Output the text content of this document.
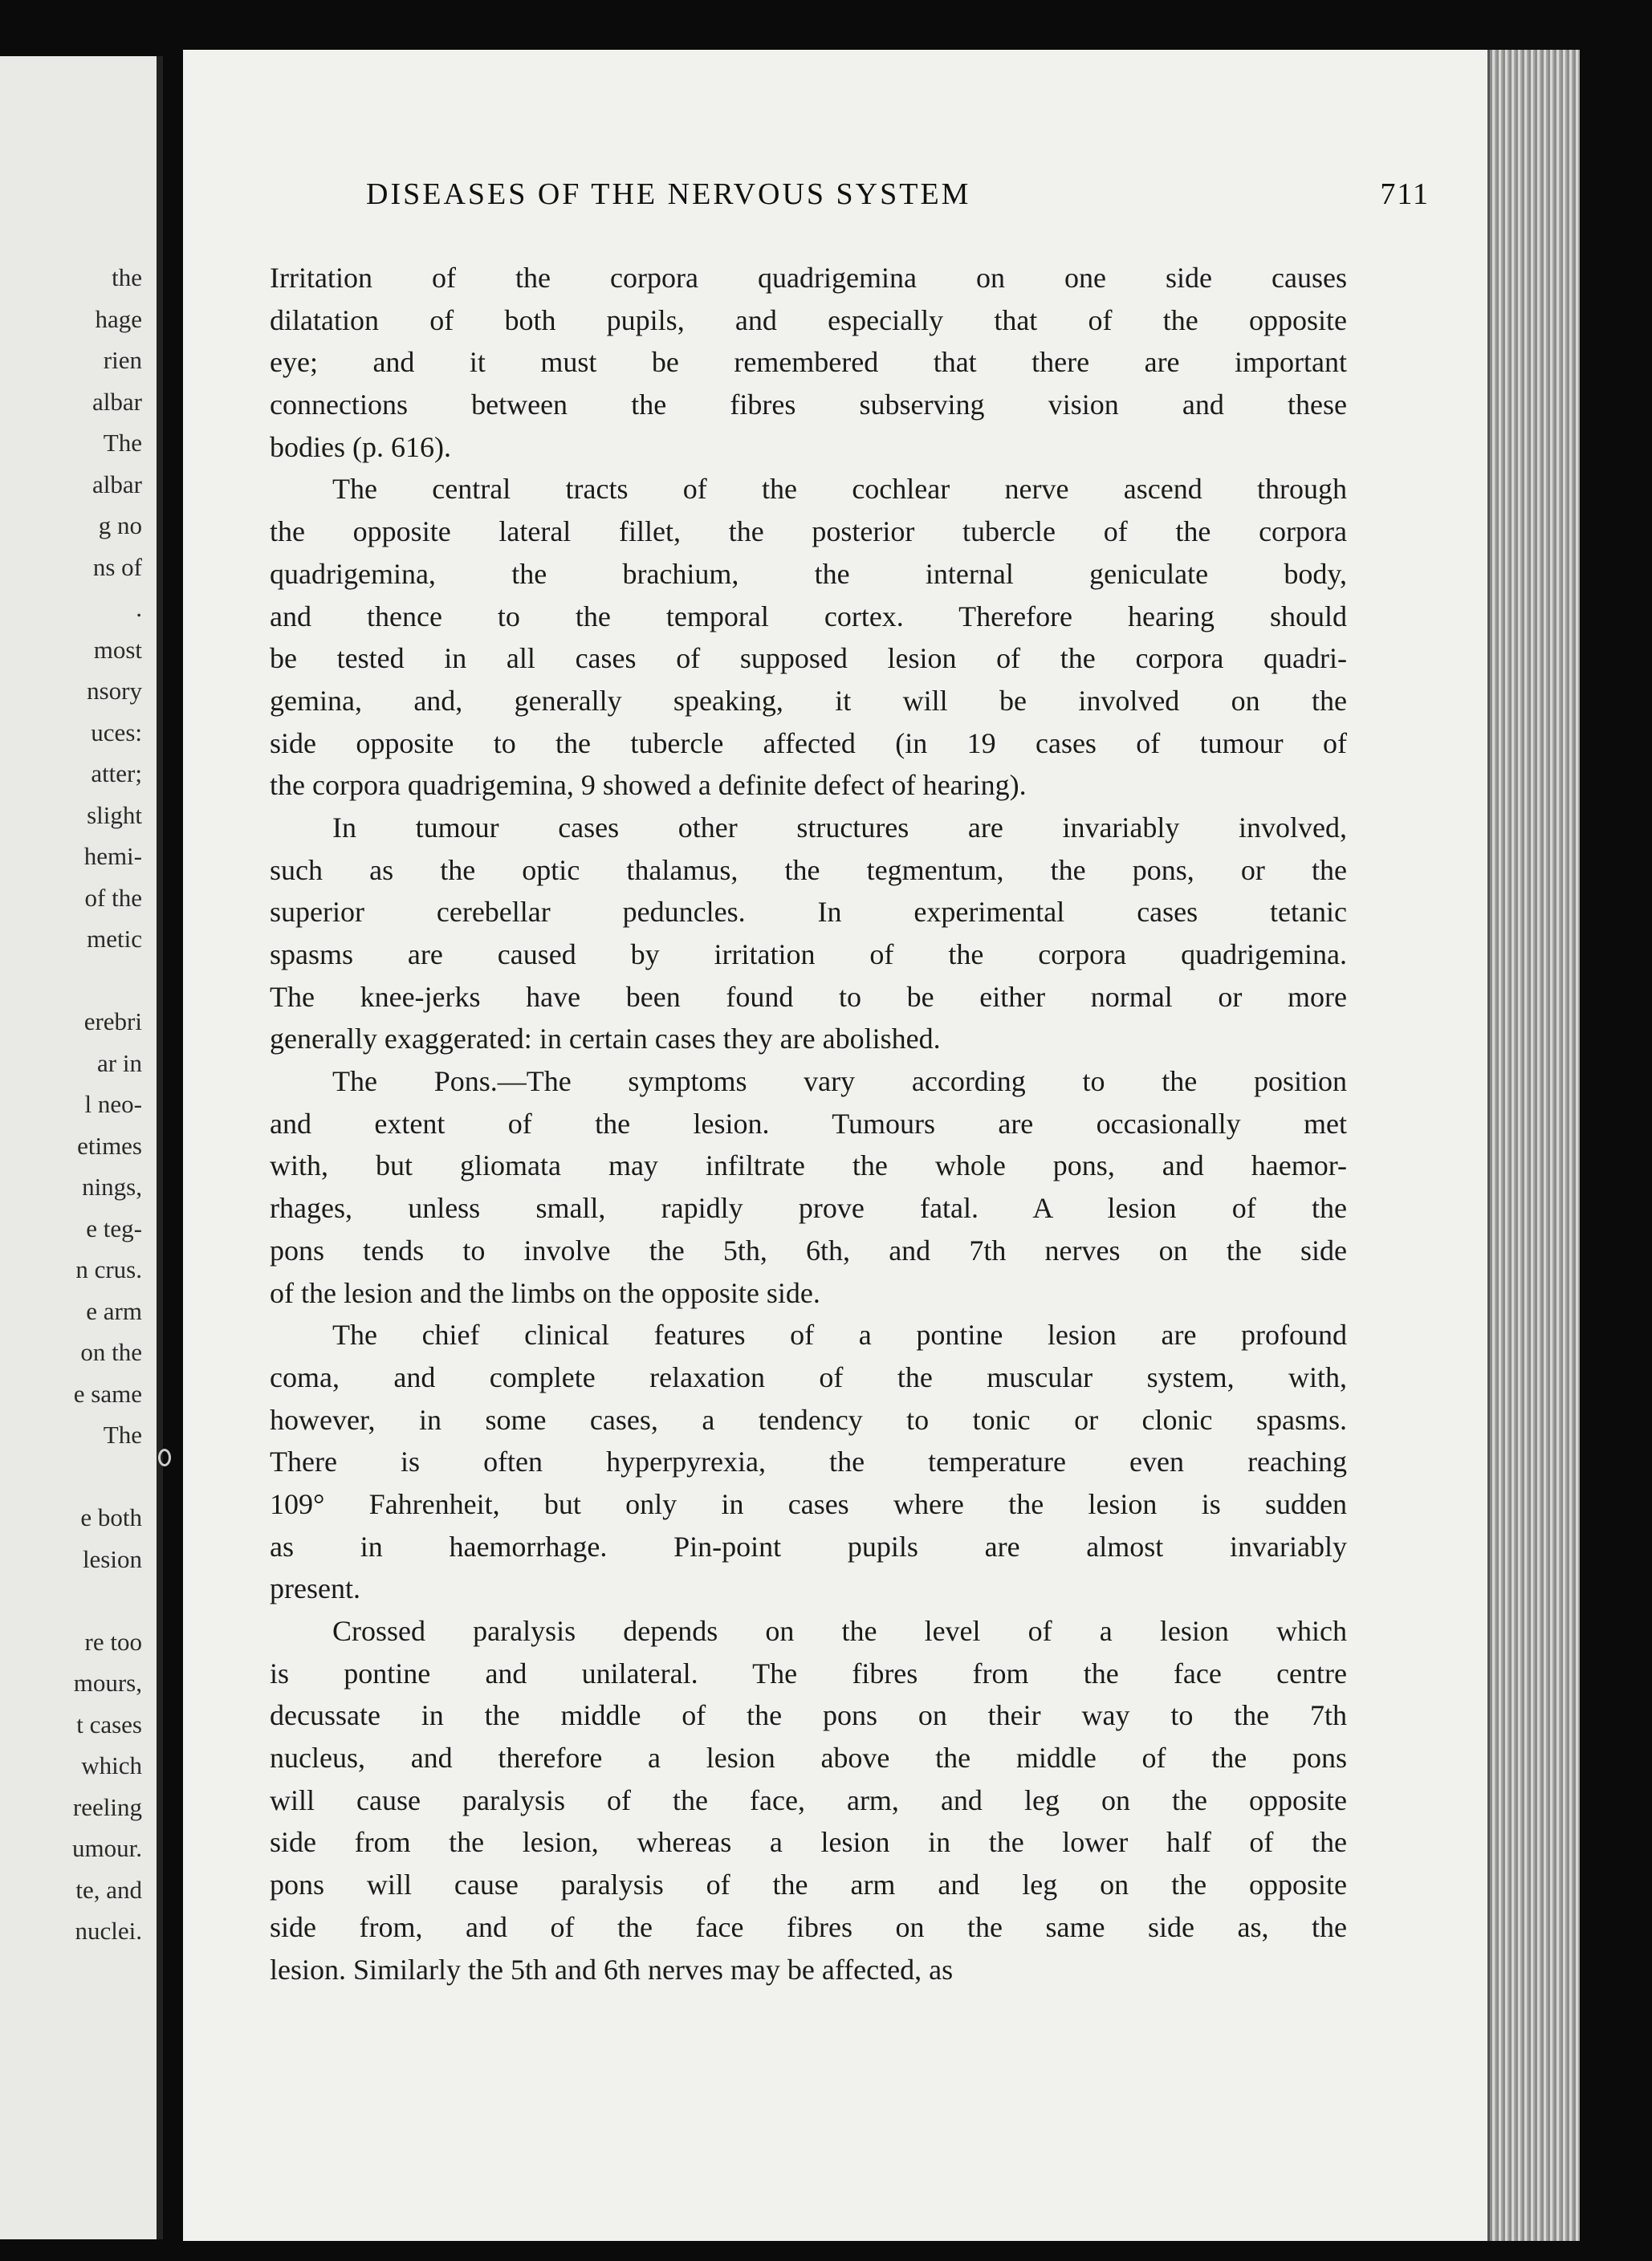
the

hage

rien

albar

The

albar

g no

ns of

.

most

nsory

uces:

atter;

slight

hemi-

of the

metic

erebri

ar in

l neo-

etimes

nings,

e teg-

n crus.

e arm

on the

e same

The

e both

lesion

re too

mours,

t cases

which

reeling

umour.

te, and

nuclei.

DISEASES OF THE NERVOUS SYSTEM	711

Irritation of the corpora quadrigemina on one side causes

dilatation of both pupils, and especially that of the opposite

eye; and it must be remembered that there are important

connections between the fibres subserving vision and these

bodies (p. 616).

The central tracts of the cochlear nerve ascend through

the opposite lateral fillet, the posterior tubercle of the corpora

quadrigemina, the brachium, the internal geniculate body,

and thence to the temporal cortex. Therefore hearing should

be tested in all cases of supposed lesion of the corpora quadri-

gemina, and, generally speaking, it will be involved on the

side opposite to the tubercle affected (in 19 cases of tumour of

the corpora quadrigemina, 9 showed a definite defect of hearing).

In tumour cases other structures are invariably involved,

such as the optic thalamus, the tegmentum, the pons, or the

superior cerebellar peduncles. In experimental cases tetanic

spasms are caused by irritation of the corpora quadrigemina.

The knee-jerks have been found to be either normal or more

generally exaggerated: in certain cases they are abolished.

The Pons.—The symptoms vary according to the position

and extent of the lesion. Tumours are occasionally met

with, but gliomata may infiltrate the whole pons, and haemor-

rhages, unless small, rapidly prove fatal. A lesion of the

pons tends to involve the 5th, 6th, and 7th nerves on the side

of the lesion and the limbs on the opposite side.

The chief clinical features of a pontine lesion are profound

coma, and complete relaxation of the muscular system, with,

however, in some cases, a tendency to tonic or clonic spasms.

There is often hyperpyrexia, the temperature even reaching

109° Fahrenheit, but only in cases where the lesion is sudden

as in haemorrhage. Pin-point pupils are almost invariably

present.

Crossed paralysis depends on the level of a lesion which

is pontine and unilateral. The fibres from the face centre

decussate in the middle of the pons on their way to the 7th

nucleus, and therefore a lesion above the middle of the pons

will cause paralysis of the face, arm, and leg on the opposite

side from the lesion, whereas a lesion in the lower half of the

pons will cause paralysis of the arm and leg on the opposite

side from, and of the face fibres on the same side as, the

lesion. Similarly the 5th and 6th nerves may be affected, as
